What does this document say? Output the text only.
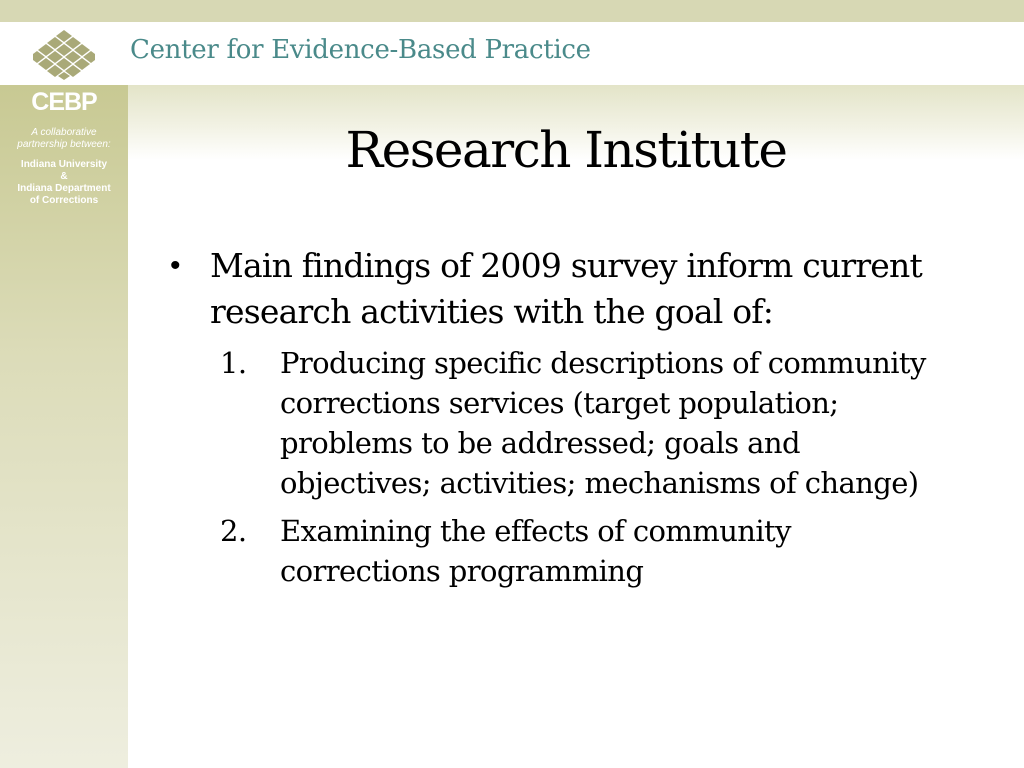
Center for Evidence-Based Practice
CEBP
A collaborative
partnership between:
Indiana University
&
Indiana Department
of Corrections
Research Institute
• Main findings of 2009 survey inform current research activities with the goal of:
1. Producing specific descriptions of community corrections services (target population; problems to be addressed; goals and objectives; activities; mechanisms of change)
2. Examining the effects of community corrections programming
